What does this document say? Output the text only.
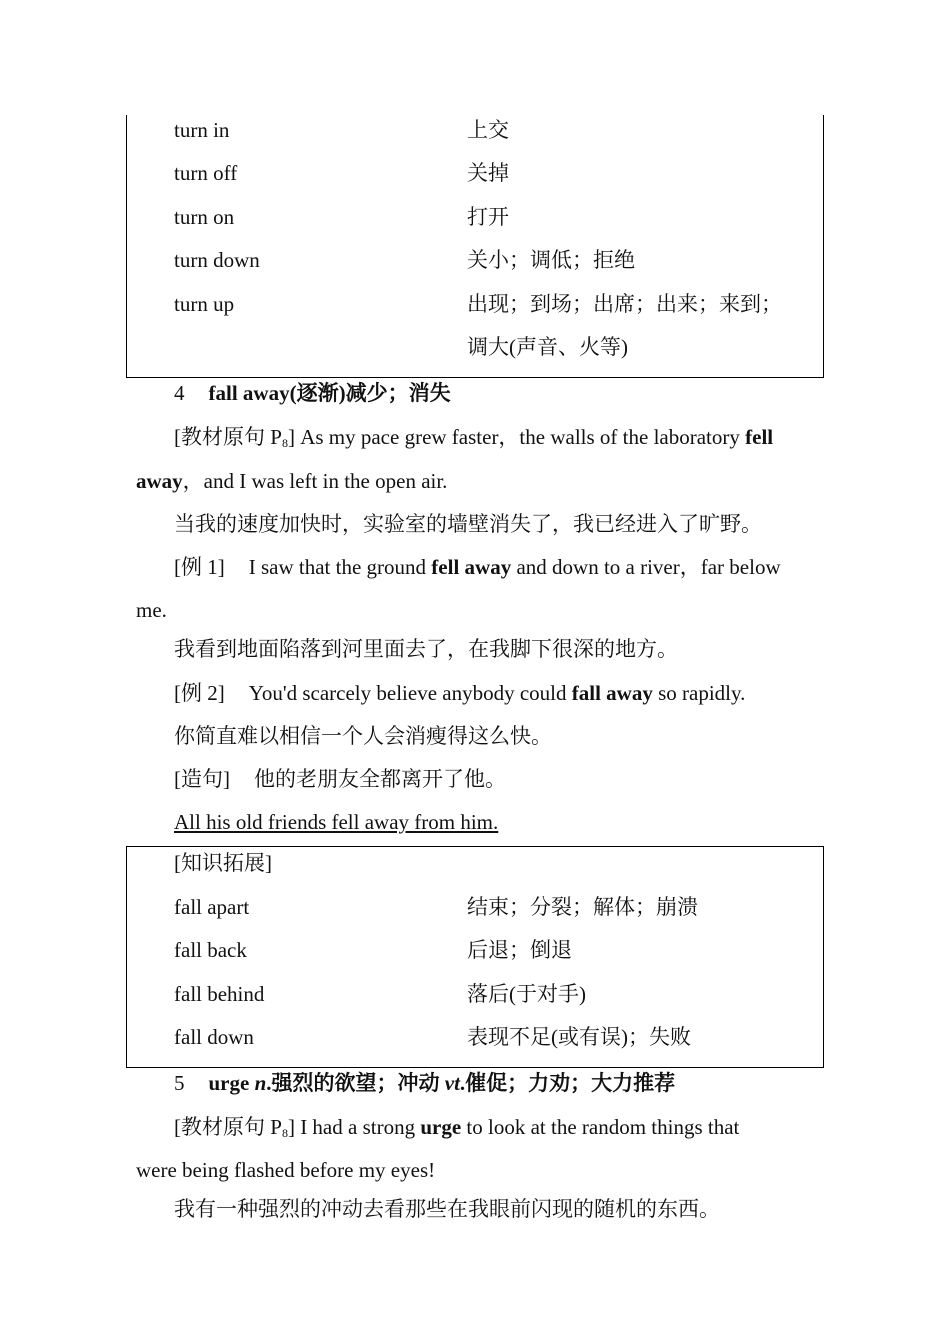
turn in	上交
turn off	关掉
turn on	打开
turn down	关小；调低；拒绝
turn up	出现；到场；出席；出来；来到；
调大(声音、火等)
4 fall away(逐渐)减少；消失
[教材原句 $P_8$] As my pace grew faster，the walls of the laboratory fell
away，and I was left in the open air.
当我的速度加快时，实验室的墙壁消失了，我已经进入了旷野。
[例 1] I saw that the ground fell away and down to a river，far below
me.
我看到地面陷落到河里面去了，在我脚下很深的地方。
[例 2] You'd scarcely believe anybody could fall away so rapidly.
你简直难以相信一个人会消瘦得这么快。
[造句] 他的老朋友全都离开了他。
All his old friends fell away from him.
[知识拓展]
fall apart	结束；分裂；解体；崩溃
fall back	后退；倒退
fall behind	落后(于对手)
fall down	表现不足(或有误)；失败
5 urge n.强烈的欲望；冲动 vt.催促；力劝；大力推荐
[教材原句 $P_8$] I had a strong urge to look at the random things that
were being flashed before my eyes!
我有一种强烈的冲动去看那些在我眼前闪现的随机的东西。
